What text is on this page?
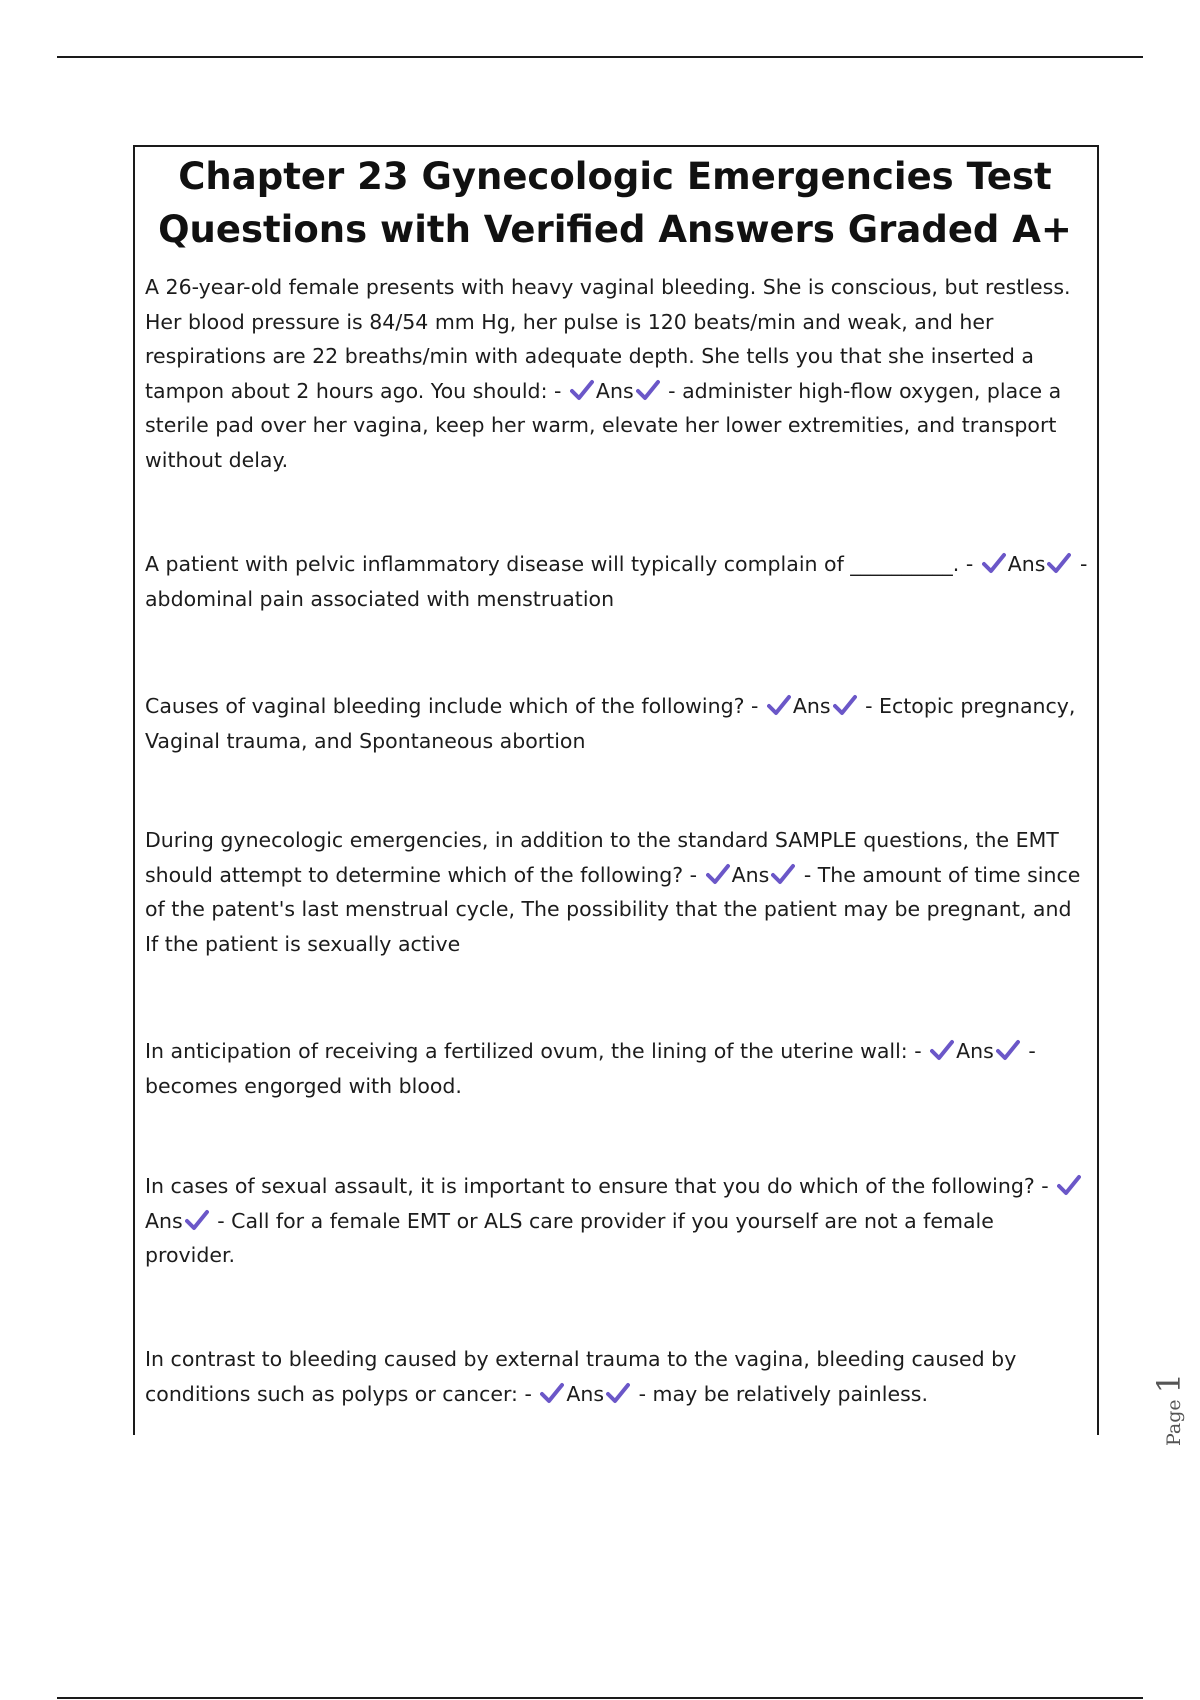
Chapter 23 Gynecologic Emergencies Test Questions with Verified Answers Graded A+

A 26-year-old female presents with heavy vaginal bleeding. She is conscious, but restless. Her blood pressure is 84/54 mm Hg, her pulse is 120 beats/min and weak, and her respirations are 22 breaths/min with adequate depth. She tells you that she inserted a tampon about 2 hours ago. You should: -
Ans
- administer high-flow oxygen, place a sterile pad over her vagina, keep her warm, elevate her lower extremities, and transport without delay.

A patient with pelvic inflammatory disease will typically complain of __________. -
Ans
- abdominal pain associated with menstruation

Causes of vaginal bleeding include which of the following? -
Ans
- Ectopic pregnancy, Vaginal trauma, and Spontaneous abortion

During gynecologic emergencies, in addition to the standard SAMPLE questions, the EMT should attempt to determine which of the following? -
Ans
- The amount of time since of the patent's last menstrual cycle, The possibility that the patient may be pregnant, and If the patient is sexually active

In anticipation of receiving a fertilized ovum, the lining of the uterine wall: -
Ans
- becomes engorged with blood.

In cases of sexual assault, it is important to ensure that you do which of the following? -
Ans
- Call for a female EMT or ALS care provider if you yourself are not a female provider.

In contrast to bleeding caused by external trauma to the vagina, bleeding caused by conditions such as polyps or cancer: -
Ans
- may be relatively painless.

Page1
